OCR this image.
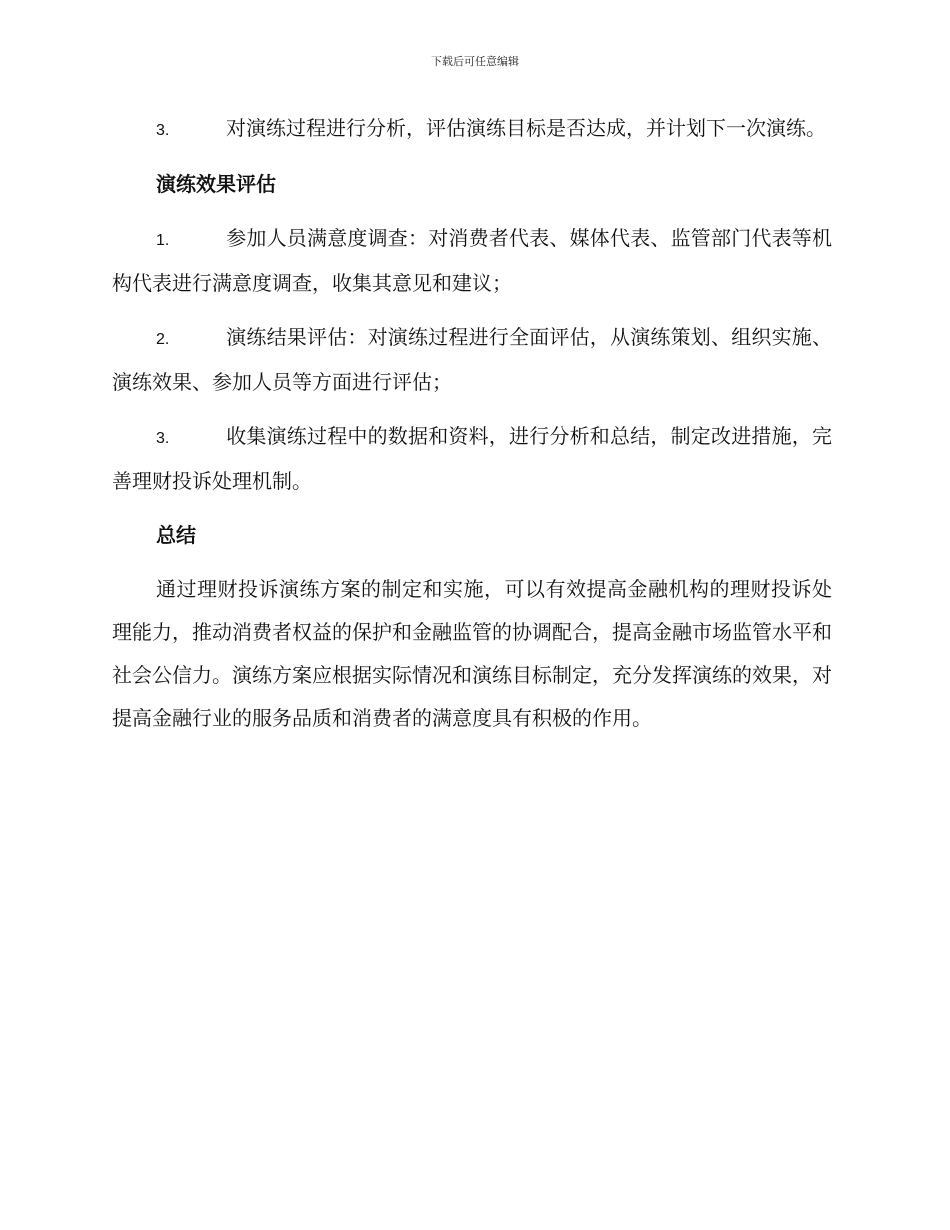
下载后可任意编辑

3.	对演练过程进行分析，评估演练目标是否达成，并计划下一次演练。

演练效果评估

1.	参加人员满意度调查：对消费者代表、媒体代表、监管部门代表等机构代表进行满意度调查，收集其意见和建议；

2.	演练结果评估：对演练过程进行全面评估，从演练策划、组织实施、演练效果、参加人员等方面进行评估；

3.	收集演练过程中的数据和资料，进行分析和总结，制定改进措施，完善理财投诉处理机制。

总结

通过理财投诉演练方案的制定和实施，可以有效提高金融机构的理财投诉处理能力，推动消费者权益的保护和金融监管的协调配合，提高金融市场监管水平和社会公信力。演练方案应根据实际情况和演练目标制定，充分发挥演练的效果，对提高金融行业的服务品质和消费者的满意度具有积极的作用。
